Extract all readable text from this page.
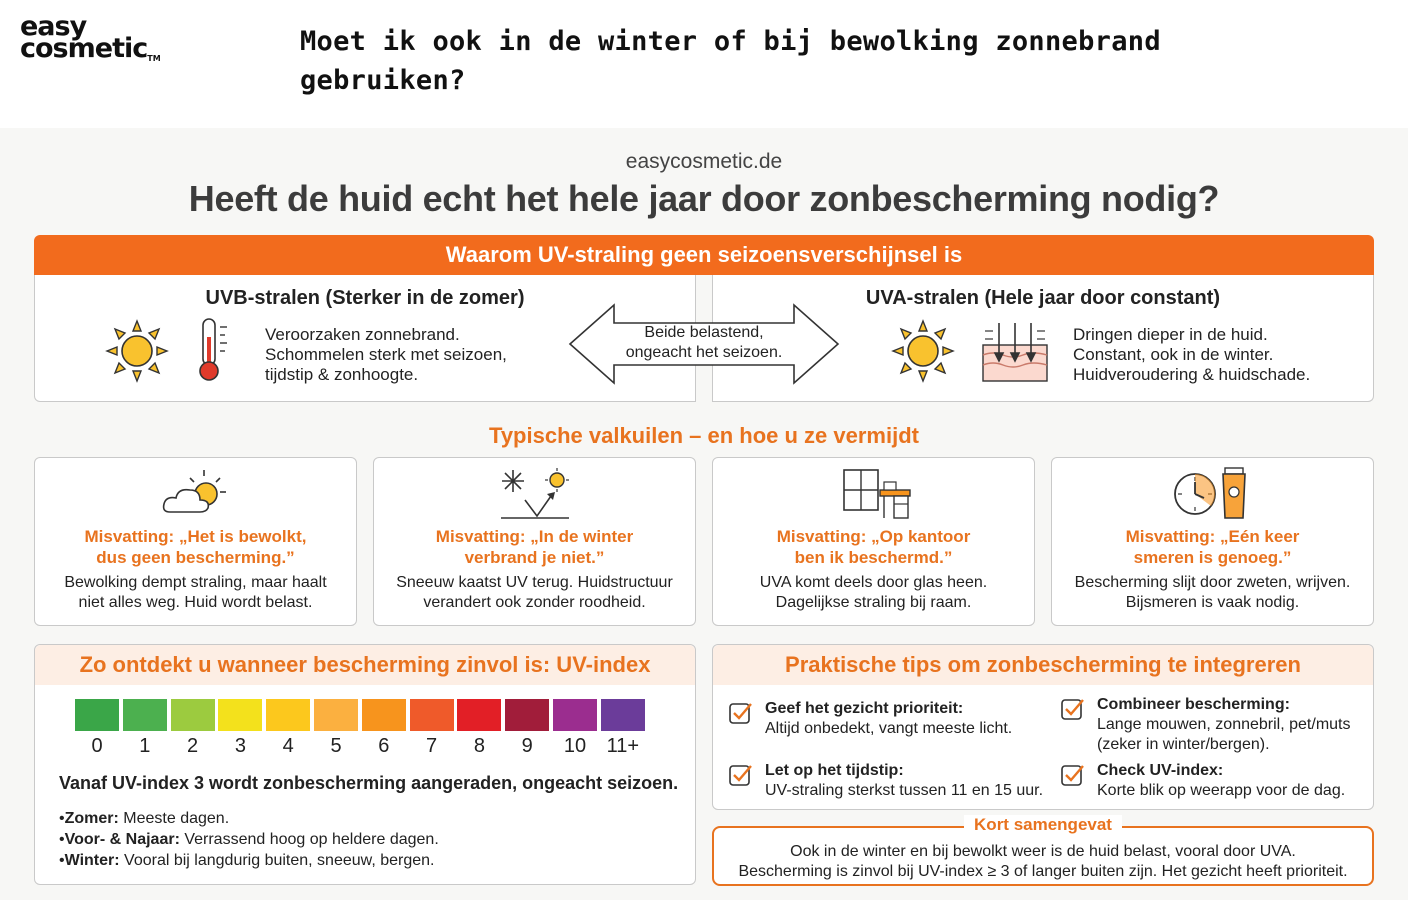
easy
cosmetic™
Moet ik ook in de winter of bij bewolking zonnebrand gebruiken?
easycosmetic.de
Heeft de huid echt het hele jaar door zonbescherming nodig?
Waarom UV-straling geen seizoensverschijnsel is
UVB-stralen (Sterker in de zomer)
Veroorzaken zonnebrand.
Schommelen sterk met seizoen,
tijdstip & zonhoogte.
UVA-stralen (Hele jaar door constant)
Dringen dieper in de huid.
Constant, ook in de winter.
Huidveroudering & huidschade.
Beide belastend,
ongeacht het seizoen.
Typische valkuilen – en hoe u ze vermijdt
Misvatting: „Het is bewolkt,
dus geen bescherming.”
Bewolking dempt straling, maar haalt
niet alles weg. Huid wordt belast.
Misvatting: „In de winter
verbrand je niet.”
Sneeuw kaatst UV terug. Huidstructuur
verandert ook zonder roodheid.
Misvatting: „Op kantoor
ben ik beschermd.”
UVA komt deels door glas heen.
Dagelijkse straling bij raam.
Misvatting: „Eén keer
smeren is genoeg.”
Bescherming slijt door zweten, wrijven.
Bijsmeren is vaak nodig.
Zo ontdekt u wanneer bescherming zinvol is: UV-index
0	1	2	3	4	5	6	7	8	9	10	11+
Vanaf UV-index 3 wordt zonbescherming aangeraden, ongeacht seizoen.
• Zomer: Meeste dagen.
• Voor- & Najaar: Verrassend hoog op heldere dagen.
• Winter: Vooral bij langdurig buiten, sneeuw, bergen.
Praktische tips om zonbescherming te integreren
Geef het gezicht prioriteit:
Altijd onbedekt, vangt meeste licht.
Combineer bescherming:
Lange mouwen, zonnebril, pet/muts
(zeker in winter/bergen).
Let op het tijdstip:
UV-straling sterkst tussen 11 en 15 uur.
Check UV-index:
Korte blik op weerapp voor de dag.
Kort samengevat
Ook in de winter en bij bewolkt weer is de huid belast, vooral door UVA.
Bescherming is zinvol bij UV-index ≥ 3 of langer buiten zijn. Het gezicht heeft prioriteit.
